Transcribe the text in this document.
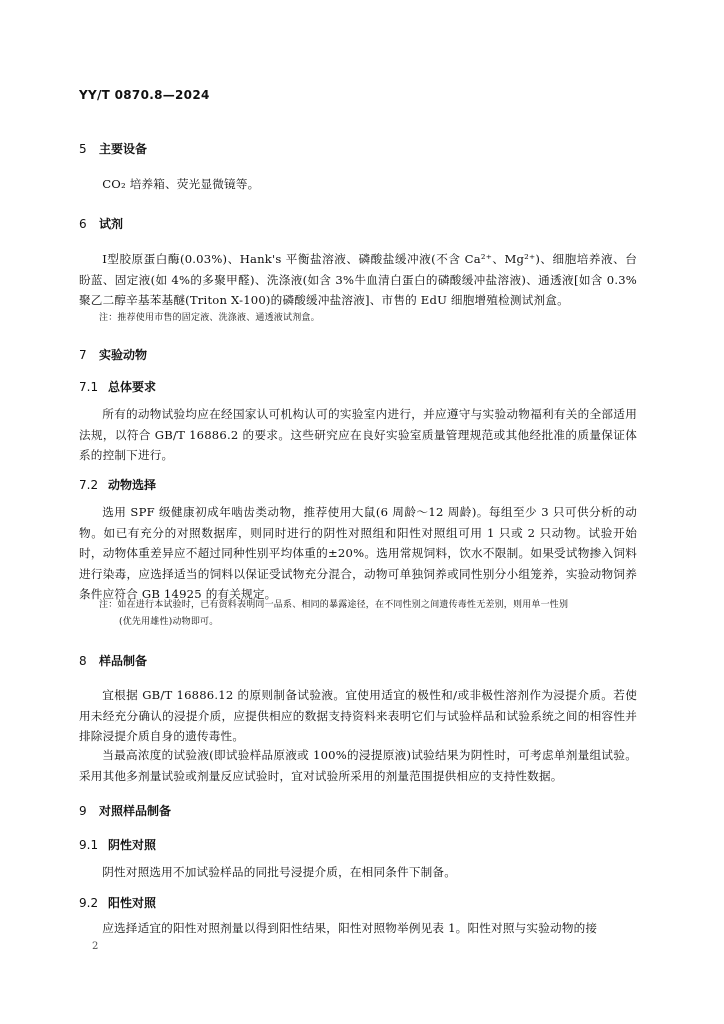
YY/T 0870.8—2024
5 主要设备

CO₂ 培养箱、荧光显微镜等。

6 试剂

Ⅰ型胶原蛋白酶(0.03%)、Hank's 平衡盐溶液、磷酸盐缓冲液(不含 Ca²⁺、Mg²⁺)、细胞培养液、台盼蓝、固定液(如 4%的多聚甲醛)、洗涤液(如含 3%牛血清白蛋白的磷酸缓冲盐溶液)、通透液[如含 0.3%聚乙二醇辛基苯基醚(Triton X-100)的磷酸缓冲盐溶液]、市售的 EdU 细胞增殖检测试剂盒。

注：推荐使用市售的固定液、洗涤液、通透液试剂盒。

7 实验动物
7.1 总体要求

所有的动物试验均应在经国家认可机构认可的实验室内进行，并应遵守与实验动物福利有关的全部适用法规，以符合 GB/T 16886.2 的要求。这些研究应在良好实验室质量管理规范或其他经批准的质量保证体系的控制下进行。

7.2 动物选择

选用 SPF 级健康初成年啮齿类动物，推荐使用大鼠(6 周龄～12 周龄)。每组至少 3 只可供分析的动物。如已有充分的对照数据库，则同时进行的阴性对照组和阳性对照组可用 1 只或 2 只动物。试验开始时，动物体重差异应不超过同种性别平均体重的±20%。选用常规饲料，饮水不限制。如果受试物掺入饲料进行染毒，应选择适当的饲料以保证受试物充分混合，动物可单独饲养或同性别分小组笼养，实验动物饲养条件应符合 GB 14925 的有关规定。

注：如在进行本试验时，已有资料表明同一品系、相同的暴露途径，在不同性别之间遗传毒性无差别，则用单一性别
(优先用雄性)动物即可。

8 样品制备

宜根据 GB/T 16886.12 的原则制备试验液。宜使用适宜的极性和/或非极性溶剂作为浸提介质。若使用未经充分确认的浸提介质，应提供相应的数据支持资料来表明它们与试验样品和试验系统之间的相容性并排除浸提介质自身的遗传毒性。

当最高浓度的试验液(即试验样品原液或 100%的浸提原液)试验结果为阴性时，可考虑单剂量组试验。采用其他多剂量试验或剂量反应试验时，宜对试验所采用的剂量范围提供相应的支持性数据。

9 对照样品制备
9.1 阴性对照

阴性对照选用不加试验样品的同批号浸提介质，在相同条件下制备。

9.2 阳性对照

应选择适宜的阳性对照剂量以得到阳性结果，阳性对照物举例见表 1。阳性对照与实验动物的接

2
